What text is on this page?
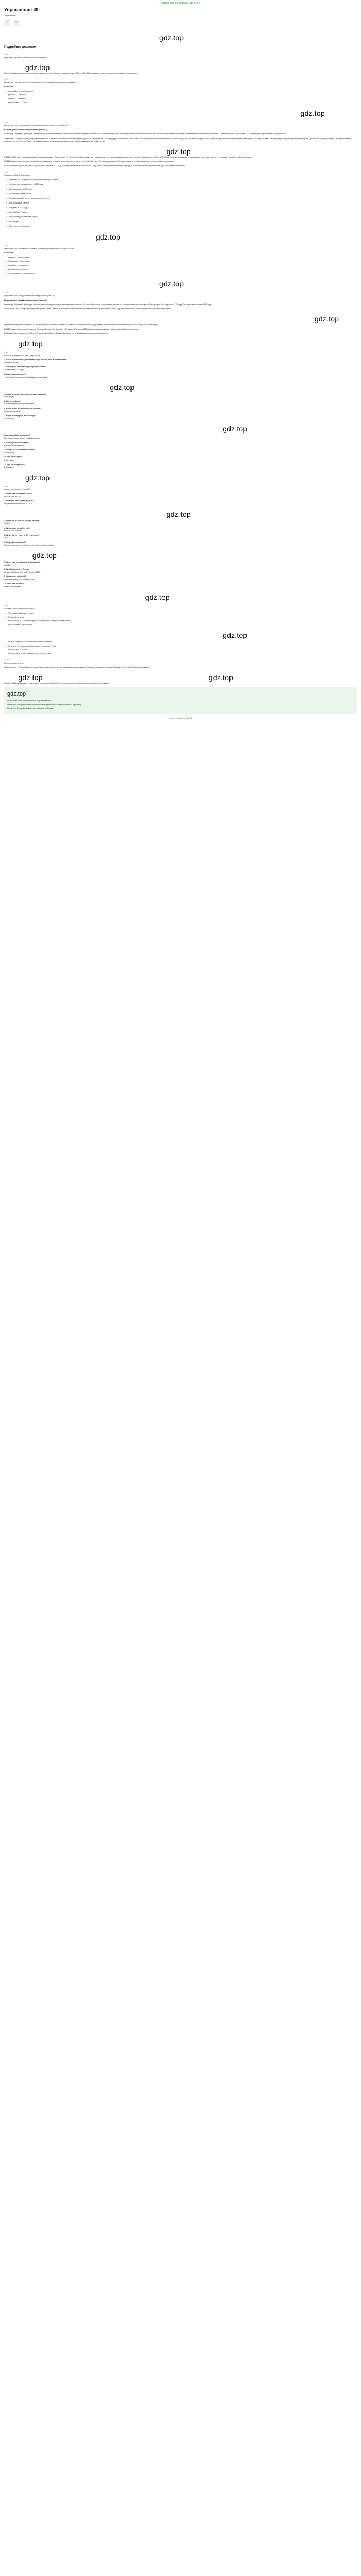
Ищите нас по запросу ГДЗ ТОП
Упражнение 49
Упражнение
⤴	☆
gdz.top
Подробное решение
1 шаг
Прочитаем отрывок из учебника и начнём задание.
gdz.top

Работа в первом. Мы хорошо прочитали два текста (второй текст находится в упр. 51, стр. 36—37) и сделаем попытку выполнить, стоящих на нескольких ...

2 шаг
Прочитаем текст, выделим ключевые моменты, выражений для выполнения (вариант 1)
ВАРИАНТ 1
— many-sided — многогранный
— profound — глубокий
— to prove — доказать
— the Caucasus — Кавказ
gdz.top
3 шаг
Прочитаем текст и выделим ключевые выражения для выполнения (часть 1)
Выдающийся российский дипломат (часть 1)

Александр Сергеевич Грибоедов, знаменитый российский дипломат и писатель, был многогранной личностью. Он получил глубокие знания в различных науках и хорошо знал несколько иностранных языков. Этот талантливейший поэт и писатель — написал пьесу «Горе от ума» — и выдающийся дипломат в истории России.

Он родился 4 января по ста дня рождения своих из известных. Некоторые историки утверждают, что он родился в 1795 году, другие считают, что это было в 1790 году. Мало что известно также о первых годах его обучения. Информацию о детских годах его жизни недоступна. Некоторые биографы считают, что Грибоедов получил образование в доме, где учились сами Грибоедовы, в сопровождении иностранных гувернеров. Ничего не зафиксировано в официальных документах, подтверждающих эту точку зрения.

gdz.top

В 1803—1805 годах он посещал самое Университетскую «Горе от ума». В 1806 году Грибоедов уже мог говорить и читать на нескольких языках. Он учился в Университете с 1806 по 1812 год и считался одним из лучших студентов, и также изучал к «Молодой гвардии» и «Верной семье».

В 1806 году он начал изучать литературу в Московском университете и получил первую степень к 1808 году. Он продолжил свою «Молодая гвардия» и «Верная семья», изучая право и математику.

В 1812 году он вступил в армию. Он участвовал в войне 1812 года против Наполеона, а затем, в 1817 году, начал свою дипломатическую карьеру в Министерстве иностранных дел, где позже стал советником.

4 шаг
Основные события биографии
• Причины, по которым он не получил докторскую степень.
• Он поступил в университет в 1802 году.
• Его профессия в 1818 году.
• Его учёба в Университете.
• Он работал в Министерстве иностранных дел.
• Его отношение к войне.
• Он уехал в 1828 году.
• Его работа в Персии.
• Его работа дипломатом в Персии.
• Его смерть.
• Место, где он похоронен.
gdz.top
5 шаг
Прочитаем текст и выпишем ключевые выражения для выполнения второго текста.
ВАРИАНТ 2
— majority — большинство
— to behead — обезглавить
— suspicion — подозрение
— to contribute — вносить
— a contemporary — современник
gdz.top
6 шаг
Прочитаем текст и выделим ключевые выражения (часть 2)
Выдающийся российский дипломат (часть 2)

Александр Сергеевич Грибоедов был военным офицером и преуспевающим дипломатом. Он также был очень талантливым поэтом, его пьеса стала классикой русской литературы. Он родился в 1795 году. Был участником войны 1812 года.

После войны в 1816 году Грибоедов вернулся в Санкт-Петербург и поступил на службу в Министерство иностранных дел. В 1818 году он был назначен секретарём российской миссии в Персии.

gdz.top

Грибоедов вернулся в Петербург в 1823 году, провёл время в Москве и на Кавказе. Был арестован по подозрению в участии в восстании декабристов, но вскоре был освобождён.

В 1828 году он был назначен послом России в Персию. Он был убит в Тегеране 30 января 1829 года во время нападения толпы на российское посольство.

Грибоедов был похоронен в Тифлисе в монастыре Святого Давида. Его жена Нина Чавчавадзе поставила ему памятник.

gdz.top
7 шаг
Ответим на вопросы по тексту (вариант 1).
1. Сколько лет было Грибоедову, когда он поступил в университет?
Ему было 11 лет.
2. Почему он не получил докторскую степень?
Из-за войны 1812 года.
3. Какие языки он знал?
Французский, немецкий, английский, итальянский.
gdz.top
4. Когда он начал дипломатическую карьеру?
В 1817 году.
5. Где он работал?
В Министерстве иностранных дел.
6. Какой была его должность в Персии?
Секретарь миссии.
7. Когда он вернулся в Петербург?
В 1823 году.
gdz.top
8. За что он был арестован?
По подозрению в связях с декабристами.
9. Почему его освободили?
Не было доказательств.
10. Когда его назначили послом?
В 1828 году.
11. Где он был убит?
В Тегеране.
12. Где он похоронен?
В Тифлисе.
gdz.top
8 шаг
Answer the questions (variant 2).
1. When was Griboyedov born?
He was born in 1795.
2. What war did he participate in?
He participated in the war of 1812.
gdz.top
3. When did he join the Foreign Ministry?
In 1817.
4. Where was he sent in 1818?
He was sent to Persia.
5. When did he return to St. Petersburg?
In 1823.
6. Why was he arrested?
He was suspected of involvement in the Decembrist uprising.
gdz.top
7. When was he appointed ambassador?
In 1828.
8. What happened in Tehran?
He was killed by a mob on 30 January 1829.
9. Where was he buried?
In the Monastery of St. David in Tiflis.
10. Who was his wife?
Nina Chavchavadze.
gdz.top
9 шаг
Составим план и перескажем текст.
— The war with Napoleon began.
— He joined the army.
— He was living in St. Petersburg and working in the Ministry of Foreign Affairs.
— He was asked to go to Persia.
gdz.top
— He was suspected of involvement in the Decembrists.
— He was a very successful diplomat and returned to Persia.
— He was killed in Tehran.
— He was buried in the Monastery of St. David in Tiflis.
10 шаг
Выскажем своё мнение.

Я считаю, что Грибоедов был не только известным писателем, но и выдающимся дипломатом. Его вклад в развитие отношений между Россией и Персией очень важен.

gdz.top	gdz.top

I think that Griboyedov wasn't only a writer, he was also a diplomat. He made a great contribution to the development of relations.

gdz.top

I don't know that Griboyedov was a very talented man.

I think that Griboyedov contributed to the development of Russian literature and diplomacy.

I think that Griboyedov's death was a tragedy for Russia.

gdz.top · страница 1 из 1
